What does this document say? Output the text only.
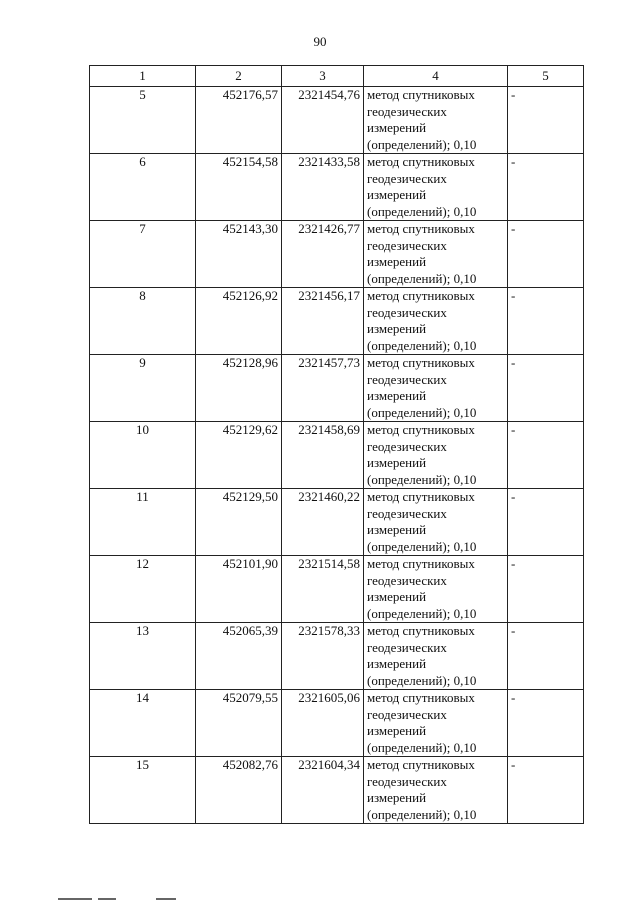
90
1	2	3	4	5
5	452176,57	2321454,76	метод спутниковых геодезических измерений (определений); 0,10	-
6	452154,58	2321433,58	метод спутниковых геодезических измерений (определений); 0,10	-
7	452143,30	2321426,77	метод спутниковых геодезических измерений (определений); 0,10	-
8	452126,92	2321456,17	метод спутниковых геодезических измерений (определений); 0,10	-
9	452128,96	2321457,73	метод спутниковых геодезических измерений (определений); 0,10	-
10	452129,62	2321458,69	метод спутниковых геодезических измерений (определений); 0,10	-
11	452129,50	2321460,22	метод спутниковых геодезических измерений (определений); 0,10	-
12	452101,90	2321514,58	метод спутниковых геодезических измерений (определений); 0,10	-
13	452065,39	2321578,33	метод спутниковых геодезических измерений (определений); 0,10	-
14	452079,55	2321605,06	метод спутниковых геодезических измерений (определений); 0,10	-
15	452082,76	2321604,34	метод спутниковых геодезических измерений (определений); 0,10	-
